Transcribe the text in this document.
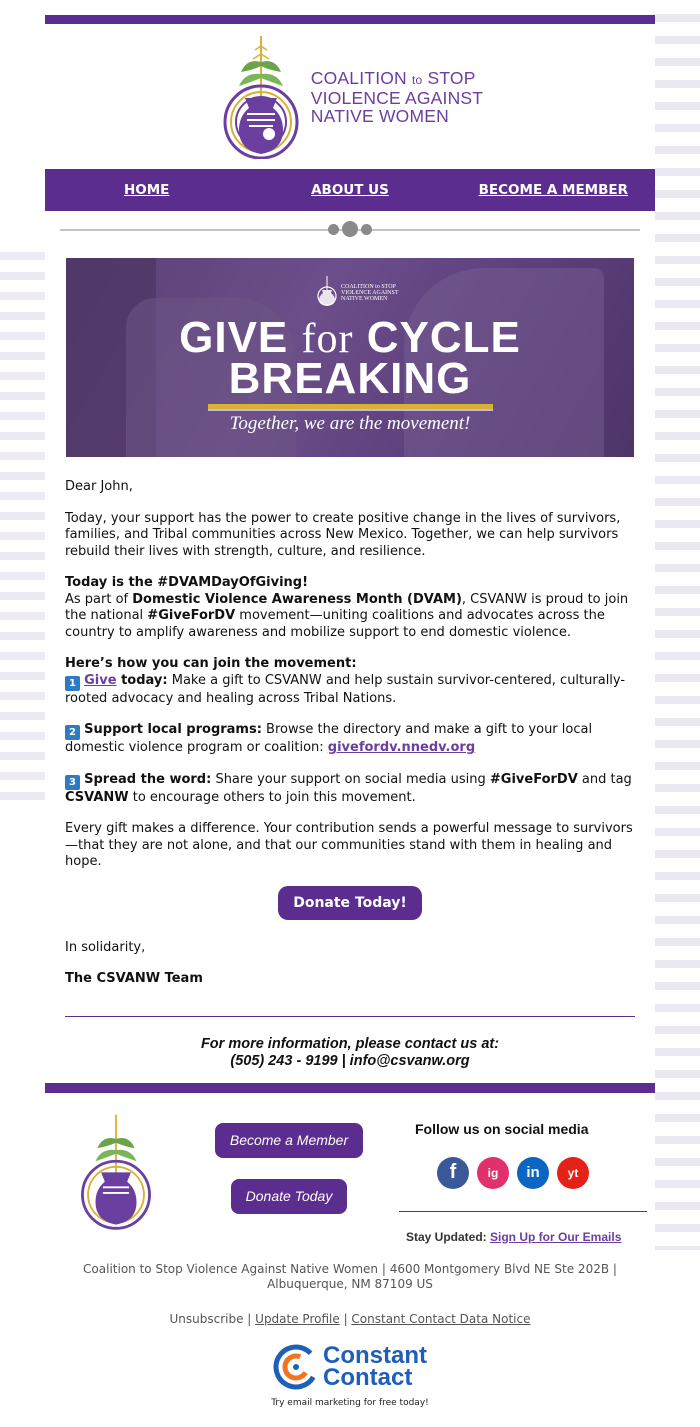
COALITION to STOP
VIOLENCE AGAINST
NATIVE WOMEN
HOME	ABOUT US	BECOME A MEMBER
COALITION to STOP
VIOLENCE AGAINST
NATIVE WOMEN
GIVE for CYCLE
BREAKING
Together, we are the movement!

Dear John,

Today, your support has the power to create positive change in the lives of survivors, families, and Tribal communities across New Mexico. Together, we can help survivors rebuild their lives with strength, culture, and resilience.

Today is the #DVAMDayOfGiving!
As part of Domestic Violence Awareness Month (DVAM), CSVANW is proud to join the national #GiveForDV movement—uniting coalitions and advocates across the country to amplify awareness and mobilize support to end domestic violence.

Here’s how you can join the movement:
1 Give today: Make a gift to CSVANW and help sustain survivor-centered, culturally-rooted advocacy and healing across Tribal Nations.

2 Support local programs: Browse the directory and make a gift to your local domestic violence program or coalition: givefordv.nnedv.org

3 Spread the word: Share your support on social media using #GiveForDV and tag CSVANW to encourage others to join this movement.

Every gift makes a difference. Your contribution sends a powerful message to survivors—that they are not alone, and that our communities stand with them in healing and hope.

Donate Today!
In solidarity,
The CSVANW Team
For more information, please contact us at:
(505) 243 - 9199 | info@csvanw.org
Become a Member
Donate Today
Follow us on social media
f	ig	in	yt
Stay Updated: Sign Up for Our Emails
Coalition to Stop Violence Against Native Women | 4600 Montgomery Blvd NE Ste 202B |
Albuquerque, NM 87109 US
Unsubscribe | Update Profile | Constant Contact Data Notice
Constant
Contact
Try email marketing for free today!
